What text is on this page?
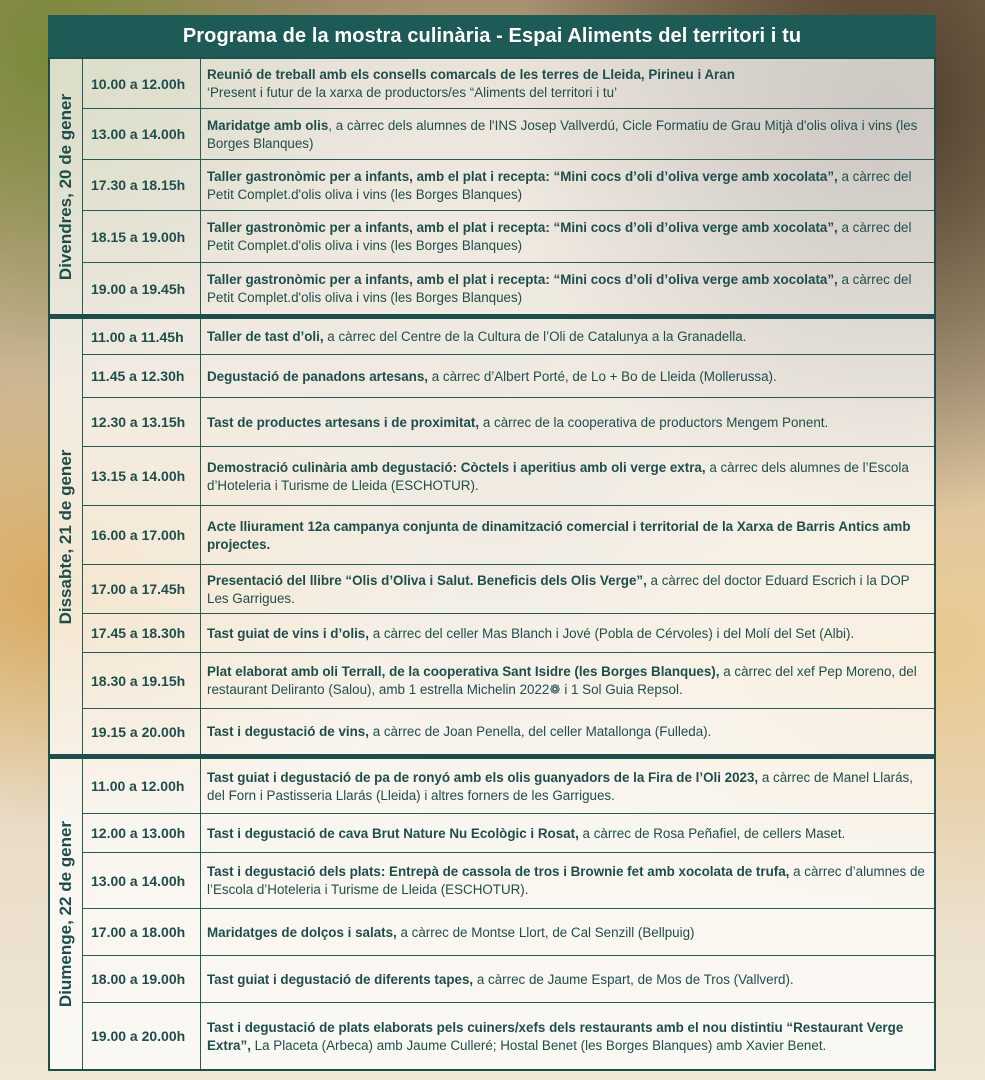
Programa de la mostra culinària - Espai Aliments del territori i tu
Divendres, 20 de gener
10.00 a 12.00h
Reunió de treball amb els consells comarcals de les terres de Lleida, Pirineu i Aran
‘Present i futur de la xarxa de productors/es “Aliments del territori i tu’
13.00 a 14.00h
Maridatge amb olis, a càrrec dels alumnes de l'INS Josep Vallverdú, Cicle Formatiu de Grau Mitjà d'olis oliva i vins (les Borges Blanques)
17.30 a 18.15h
Taller gastronòmic per a infants, amb el plat i recepta: “Mini cocs d’oli d’oliva verge amb xocolata”, a càrrec del Petit Complet.d'olis oliva i vins (les Borges Blanques)
18.15 a 19.00h
Taller gastronòmic per a infants, amb el plat i recepta: “Mini cocs d’oli d’oliva verge amb xocolata”, a càrrec del Petit Complet.d'olis oliva i vins (les Borges Blanques)
19.00 a 19.45h
Taller gastronòmic per a infants, amb el plat i recepta: “Mini cocs d’oli d’oliva verge amb xocolata”, a càrrec del Petit Complet.d'olis oliva i vins (les Borges Blanques)
Dissabte, 21 de gener
11.00 a 11.45h	Taller de tast d’oli, a càrrec del Centre de la Cultura de l’Oli de Catalunya a la Granadella.
11.45 a 12.30h	Degustació de panadons artesans, a càrrec d’Albert Porté, de Lo + Bo de Lleida (Mollerussa).
12.30 a 13.15h	Tast de productes artesans i de proximitat, a càrrec de la cooperativa de productors Mengem Ponent.
13.15 a 14.00h
Demostració culinària amb degustació: Còctels i aperitius amb oli verge extra, a càrrec dels alumnes de l’Escola d’Hoteleria i Turisme de Lleida (ESCHOTUR).
16.00 a 17.00h
Acte lliurament 12a campanya conjunta de dinamització comercial i territorial de la Xarxa de Barris Antics amb projectes.
17.00 a 17.45h
Presentació del llibre “Olis d’Oliva i Salut. Beneficis dels Olis Verge”, a càrrec del doctor Eduard Escrich i la DOP Les Garrigues.
17.45 a 18.30h	Tast guiat de vins i d’olis, a càrrec del celler Mas Blanch i Jové (Pobla de Cérvoles) i del Molí del Set (Albi).
18.30 a 19.15h
Plat elaborat amb oli Terrall, de la cooperativa Sant Isidre (les Borges Blanques), a càrrec del xef Pep Moreno, del restaurant Deliranto (Salou), amb 1 estrella Michelin 2022❁ i 1 Sol Guia Repsol.
19.15 a 20.00h	Tast i degustació de vins, a càrrec de Joan Penella, del celler Matallonga (Fulleda).
Diumenge, 22 de gener
11.00 a 12.00h
Tast guiat i degustació de pa de ronyó amb els olis guanyadors de la Fira de l’Oli 2023, a càrrec de Manel Llarás, del Forn i Pastisseria Llarás (Lleida) i altres forners de les Garrigues.
12.00 a 13.00h	Tast i degustació de cava Brut Nature Nu Ecològic i Rosat, a càrrec de Rosa Peñafiel, de cellers Maset.
13.00 a 14.00h
Tast i degustació dels plats: Entrepà de cassola de tros i Brownie fet amb xocolata de trufa, a càrrec d’alumnes de l’Escola d’Hoteleria i Turisme de Lleida (ESCHOTUR).
17.00 a 18.00h	Maridatges de dolços i salats, a càrrec de Montse Llort, de Cal Senzill (Bellpuig)
18.00 a 19.00h	Tast guiat i degustació de diferents tapes, a càrrec de Jaume Espart, de Mos de Tros (Vallverd).
19.00 a 20.00h
Tast i degustació de plats elaborats pels cuiners/xefs dels restaurants amb el nou distintiu “Restaurant Verge Extra”, La Placeta (Arbeca) amb Jaume Culleré; Hostal Benet (les Borges Blanques) amb Xavier Benet.
